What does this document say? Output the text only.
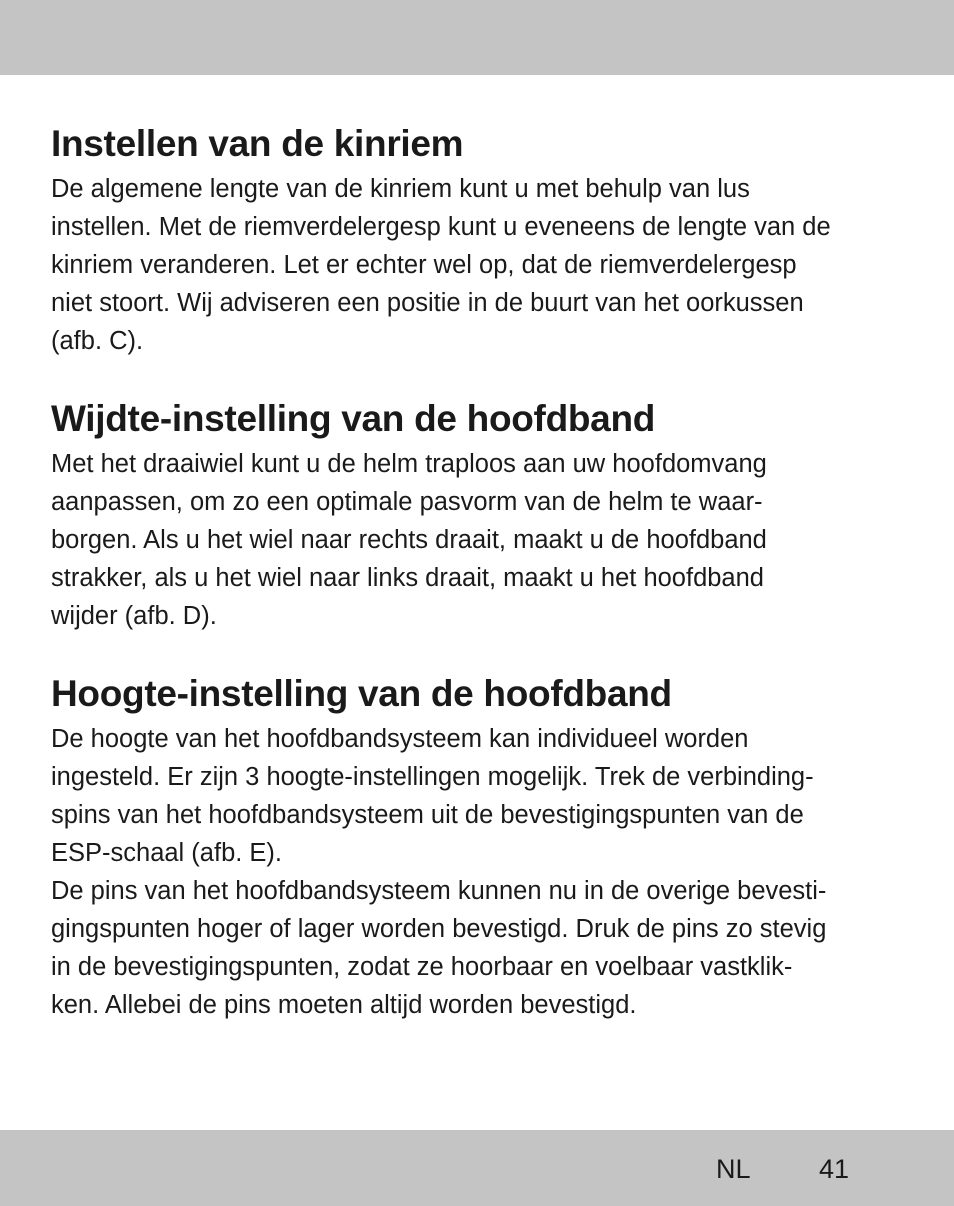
Instellen van de kinriem

De algemene lengte van de kinriem kunt u met behulp van lus
instellen. Met de riemverdelergesp kunt u eveneens de lengte van de
kinriem veranderen. Let er echter wel op, dat de riemverdelergesp
niet stoort. Wij adviseren een positie in de buurt van het oorkussen
(afb. C).

Wijdte-instelling van de hoofdband

Met het draaiwiel kunt u de helm traploos aan uw hoofdomvang
aanpassen, om zo een optimale pasvorm van de helm te waar-
borgen. Als u het wiel naar rechts draait, maakt u de hoofdband
strakker, als u het wiel naar links draait, maakt u het hoofdband
wijder (afb. D).

Hoogte-instelling van de hoofdband

De hoogte van het hoofdbandsysteem kan individueel worden
ingesteld. Er zijn 3 hoogte-instellingen mogelijk. Trek de verbinding-
spins van het hoofdbandsysteem uit de bevestigingspunten van de
ESP-schaal (afb. E).

De pins van het hoofdbandsysteem kunnen nu in de overige bevesti-
gingspunten hoger of lager worden bevestigd. Druk de pins zo stevig
in de bevestigingspunten, zodat ze hoorbaar en voelbaar vastklik-
ken. Allebei de pins moeten altijd worden bevestigd.

NL	41
